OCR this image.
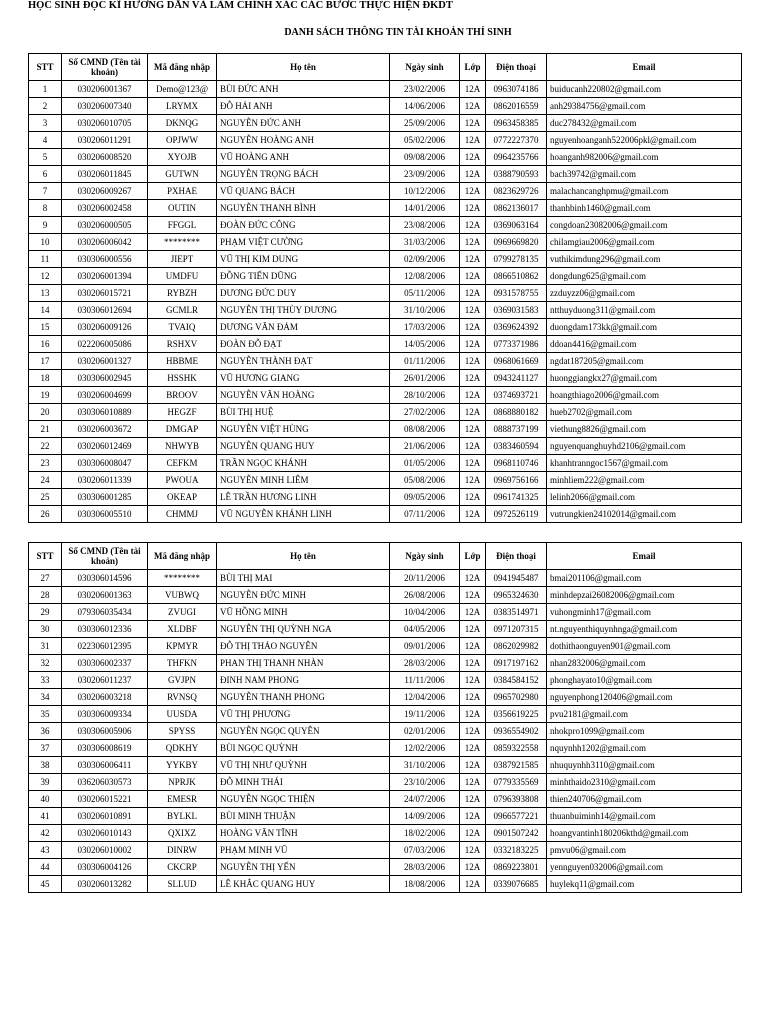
HỌC SINH ĐỌC KĨ HƯỚNG DẪN VÀ LÀM CHÍNH XÁC CÁC BƯỚC THỰC HIỆN ĐKDT
DANH SÁCH THÔNG TIN TÀI KHOẢN THÍ SINH
STT	Số CMND (Tên tài khoản)	Mã đăng nhập	Họ tên	Ngày sinh	Lớp	Điện thoại	Email
1	030206001367	Demo@123@	BÙI ĐỨC ANH	23/02/2006	12A	0963074186	buiducanh220802@gmail.com
2	030206007340	LRYMX	ĐỖ HẢI ANH	14/06/2006	12A	0862016559	anh29384756@gmail.com
3	030206010705	DKNQG	NGUYỄN ĐỨC ANH	25/09/2006	12A	0963458385	duc278432@gmail.com
4	030206011291	OPJWW	NGUYỄN HOÀNG ANH	05/02/2006	12A	0772227370	nguyenhoanganh522006pkl@gmail.com
5	030206008520	XYOJB	VŨ HOÀNG ANH	09/08/2006	12A	0964235766	hoanganh982006@gmail.com
6	030206011845	GUTWN	NGUYỄN TRỌNG BÁCH	23/09/2006	12A	0388790593	bach39742@gmail.com
7	030206009267	PXHAE	VŨ QUANG BÁCH	10/12/2006	12A	0823629726	malachancanghpmu@gmail.com
8	030206002458	OUTIN	NGUYỄN THANH BÌNH	14/01/2006	12A	0862136017	thanhbinh1460@gmail.com
9	030206000505	FFGGL	ĐOÀN ĐỨC CÔNG	23/08/2006	12A	0369063164	congdoan23082006@gmail.com
10	030206006042	********	PHẠM VIỆT CƯỜNG	31/03/2006	12A	0969669820	chilamgiau2006@gmail.com
11	030306000556	JIEPT	VŨ THỊ KIM DUNG	02/09/2006	12A	0799278135	vuthikimdung296@gmail.com
12	030206001394	UMDFU	ĐỒNG TIẾN DŨNG	12/08/2006	12A	0866510862	dongdung625@gmail.com
13	030206015721	RYBZH	DƯƠNG ĐỨC DUY	05/11/2006	12A	0931578755	zzduyzz06@gmail.com
14	030306012694	GCMLR	NGUYỄN THỊ THÙY DƯƠNG	31/10/2006	12A	0369031583	ntthuyduong311@gmail.com
15	030206009126	TVAIQ	DƯƠNG VĂN ĐẢM	17/03/2006	12A	0369624392	duongdam173kk@gmail.com
16	022206005086	RSHXV	ĐOÀN ĐỖ ĐẠT	14/05/2006	12A	0773371986	ddoan4416@gmail.com
17	030206001327	HBBME	NGUYỄN THÀNH ĐẠT	01/11/2006	12A	0968061669	ngdat187205@gmail.com
18	030306002945	HSSHK	VŨ HƯƠNG GIANG	26/01/2006	12A	0943241127	huonggiangkx27@gmail.com
19	030206004699	BROOV	NGUYỄN VĂN HOÀNG	28/10/2006	12A	0374693721	hoangthiago2006@gmail.com
20	030306010889	HEGZF	BÙI THỊ HUỆ	27/02/2006	12A	0868880182	hueb2702@gmail.com
21	030206003672	DMGAP	NGUYỄN VIỆT HÙNG	08/08/2006	12A	0888737199	viethung8826@gmail.com
22	030206012469	NHWYB	NGUYỄN QUANG HUY	21/06/2006	12A	0383460594	nguyenquanghuyhd2106@gmail.com
23	030306008047	CEFKM	TRẦN NGỌC KHÁNH	01/05/2006	12A	0968110746	khanhtranngoc1567@gmail.com
24	030206011339	PWOUA	NGUYỄN MINH LIÊM	05/08/2006	12A	0969756166	minhliem222@gmail.com
25	030306001285	OKEAP	LÊ TRẦN HƯƠNG LINH	09/05/2006	12A	0961741325	lelinh2066@gmail.com
26	030306005510	CHMMJ	VŨ NGUYỄN KHÁNH LINH	07/11/2006	12A	0972526119	vutrungkien24102014@gmail.com
STT	Số CMND (Tên tài khoản)	Mã đăng nhập	Họ tên	Ngày sinh	Lớp	Điện thoại	Email
27	030306014596	********	BÙI THỊ MAI	20/11/2006	12A	0941945487	bmai201106@gmail.com
28	030206001363	VUBWQ	NGUYỄN ĐỨC MINH	26/08/2006	12A	0965324630	minhdepzai26082006@gmail.com
29	079306035434	ZVUGI	VŨ HỒNG MINH	10/04/2006	12A	0383514971	vuhongminh17@gmail.com
30	030306012336	XLDBF	NGUYỄN THỊ QUỲNH NGA	04/05/2006	12A	0971207315	nt.nguyenthiquynhnga@gmail.com
31	022306012395	KPMYR	ĐỖ THỊ THẢO NGUYÊN	09/01/2006	12A	0862029982	dothithaonguyen901@gmail.com
32	030306002337	THFKN	PHAN THỊ THANH NHÀN	28/03/2006	12A	0917197162	nhan2832006@gmail.com
33	030206011237	GVJPN	ĐINH NAM PHONG	11/11/2006	12A	0384584152	phonghayato10@gmail.com
34	030206003218	RVNSQ	NGUYỄN THANH PHONG	12/04/2006	12A	0965702980	nguyenphong120406@gmail.com
35	030306009334	UUSDA	VŨ THỊ PHƯƠNG	19/11/2006	12A	0356619225	pvu2181@gmail.com
36	030306005906	SPYSS	NGUYỄN NGỌC QUYÊN	02/01/2006	12A	0936554902	nhokpro1099@gmail.com
37	030306008619	QDKHY	BÙI NGỌC QUỲNH	12/02/2006	12A	0859322558	nquynhh1202@gmail.com
38	030306006411	YYKBY	VŨ THỊ NHƯ QUỲNH	31/10/2006	12A	0387921585	nhuquynhh3110@gmail.com
39	036206030573	NPRJK	ĐỖ MINH THÁI	23/10/2006	12A	0779335569	minhthaido2310@gmail.com
40	030206015221	EMESR	NGUYỄN NGỌC THIỆN	24/07/2006	12A	0796393808	thien240706@gmail.com
41	030206010891	BYLKL	BÙI MINH THUẬN	14/09/2006	12A	0966577221	thuanbuiminh14@gmail.com
42	030206010143	QXIXZ	HOÀNG VĂN TĨNH	18/02/2006	12A	0901507242	hoangvantinh180206kthd@gmail.com
43	030206010002	DINRW	PHẠM MINH VŨ	07/03/2006	12A	0332183225	pmvu06@gmail.com
44	030306004126	CKCRP	NGUYỄN THỊ YẾN	28/03/2006	12A	0869223801	yennguyen032006@gmail.com
45	030206013282	SLLUD	LÊ KHẮC QUANG HUY	18/08/2006	12A	0339076685	huylekq11@gmail.com
